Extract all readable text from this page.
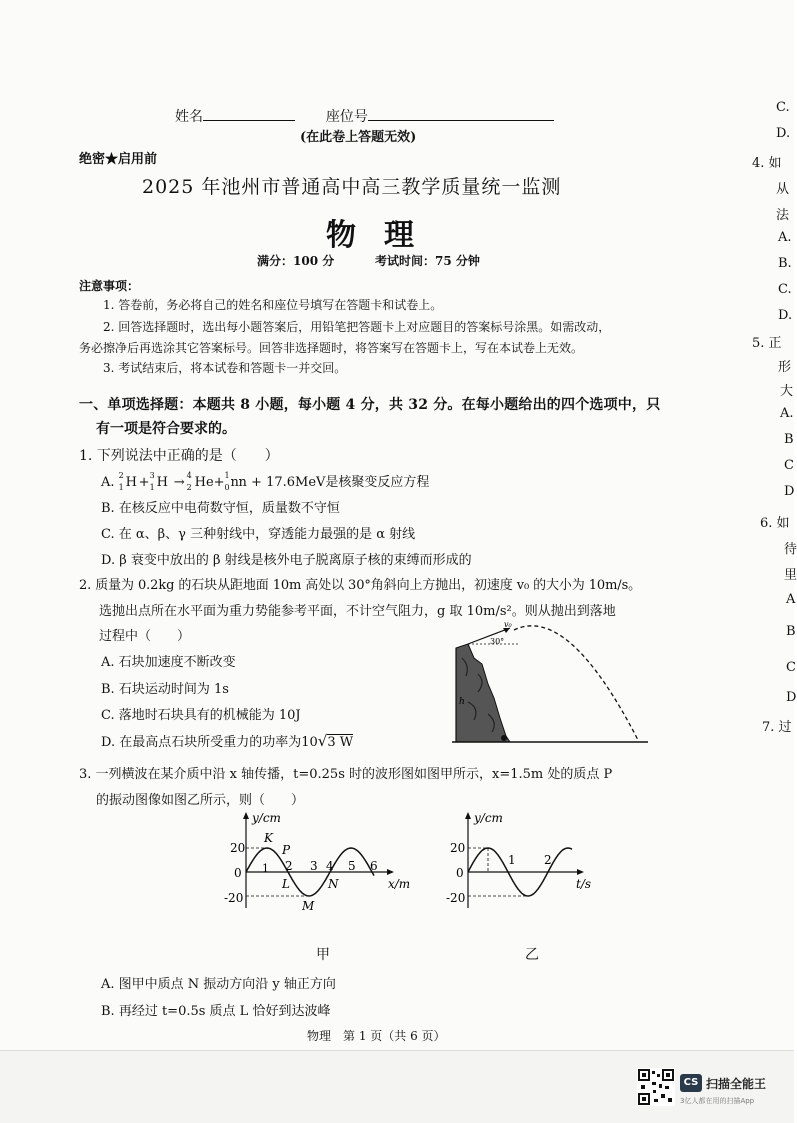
姓名	座位号
(在此卷上答题无效)
绝密★启用前
2025 年池州市普通高中高三教学质量统一监测
物理
满分：100 分	考试时间：75 分钟
注意事项：
1. 答卷前，务必将自己的姓名和座位号填写在答题卡和试卷上。
2. 回答选择题时，选出每小题答案后，用铅笔把答题卡上对应题目的答案标号涂黑。如需改动，
务必擦净后再选涂其它答案标号。回答非选择题时，将答案写在答题卡上，写在本试卷上无效。
3. 考试结束后，将本试卷和答题卡一并交回。
一、单项选择题：本题共 8 小题，每小题 4 分，共 32 分。在每小题给出的四个选项中，只
有一项是符合要求的。
1. 下列说法中正确的是（　　）
A. 2
1 H + 3
1 H → 4
2 He+ 1
0 n n + 17.6MeV是核聚变反应方程
B. 在核反应中电荷数守恒，质量数不守恒
C. 在 α、β、γ 三种射线中，穿透能力最强的是 α 射线
D. β 衰变中放出的 β 射线是核外电子脱离原子核的束缚而形成的
2. 质量为 0.2kg 的石块从距地面 10m 高处以 30°角斜向上方抛出，初速度 v₀ 的大小为 10m/s。
选抛出点所在水平面为重力势能参考平面，不计空气阻力，g 取 10m/s²。则从抛出到落地
过程中（　　）
A. 石块加速度不断改变
B. 石块运动时间为 1s
C. 落地时石块具有的机械能为 10J
D. 在最高点石块所受重力的功率为10√3 W
h
v₀
30°
3. 一列横波在某介质中沿 x 轴传播，t=0.25s 时的波形图如图甲所示，x=1.5m 处的质点 P
的振动图像如图乙所示，则（　　）
y/cm
x/m
20
0
-20
1 2 3 4 5 6
K
P
L	N
M
甲
y/cm
t/s
20
0
-20
1 2
乙
A. 图甲中质点 N 振动方向沿 y 轴正方向
B. 再经过 t=0.5s 质点 L 恰好到达波峰
物理　第 1 页（共 6 页）
C.
D.
4. 如
从
法
A.
B.
C.
D.
5. 正
形
大
A.
B
C
D
6. 如
待
里
A
B
C
D
7. 过
CS 扫描全能王
3亿人都在用的扫描App
